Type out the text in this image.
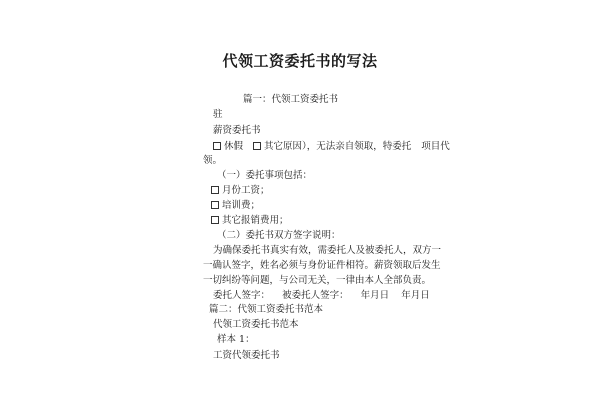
代领工资委托书的写法
篇一：代领工资委托书
驻
薪资委托书
休假 其它原因），无法亲自领取，特委托 项目代
领。
（一）委托事项包括：
月份工资；
培训费；
其它报销费用；
（二）委托书双方签字说明：
为确保委托书真实有效，需委托人及被委托人，双方一
一确认签字，姓名必须与身份证件相符。薪资领取后发生
一切纠纷等问题，与公司无关，一律由本人全部负责。
委托人签字：    被委托人签字：    年月日    年月日
篇二：代领工资委托书范本
代领工资委托书范本
样本 1：
工资代领委托书
